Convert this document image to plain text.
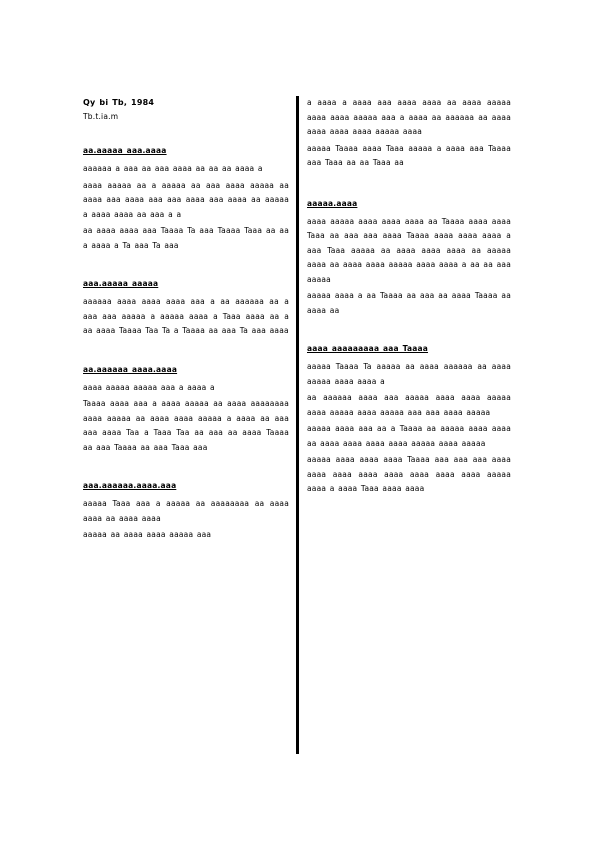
Qy bi Tb, 1984

Tb.t.ia.m

aa.aaaaa aaa.aaaa

aaaaaa a aaa aa aaa aaaa aa aa aa aaaa a

aaaa aaaaa aa a aaaaa aa aaa aaaa aaaaa aa aaaa aaa aaaa aaa aaa aaaa aaa aaaa aa aaaaa a aaaa aaaa aa aaa a a

aa aaaa aaaa aaa Taaaa Ta aaa Taaaa Taaa aa aa a aaaa a Ta aaa Ta aaa

aaa.aaaaa aaaaa

aaaaaa aaaa aaaa aaaa aaa a aa aaaaaa aa a aaa aaa aaaaa a aaaaa aaaa a Taaa aaaa aa a aa aaaa Taaaa Taa Ta a Taaaa aa aaa Ta aaa aaaa

aa.aaaaaa aaaa.aaaa

aaaa aaaaa aaaaa aaa a aaaa a

Taaaa aaaa aaa a aaaa aaaaa aa aaaa aaaaaaaa aaaa aaaaa aa aaaa aaaa aaaaa a aaaa aa aaa aaa aaaa Taa a Taaa Taa aa aaa aa aaaa Taaaa aa aaa Taaaa aa aaa Taaa aaa

aaa.aaaaaa.aaaa.aaa

aaaaa Taaa aaa a aaaaa aa aaaaaaaa aa aaaa aaaa aa aaaa aaaa

aaaaa aa aaaa aaaa aaaaa aaa

a aaaa a aaaa aaa aaaa aaaa aa aaaa aaaaa aaaa aaaa aaaaa aaa a aaaa aa aaaaaa aa aaaa aaaa aaaa aaaa aaaaa aaaa

aaaaa Taaaa aaaa Taaa aaaaa a aaaa aaa Taaaa aaa Taaa aa aa Taaa aa

aaaaa.aaaa

aaaa aaaaa aaaa aaaa aaaa aa Taaaa aaaa aaaa Taaa aa aaa aaa aaaa Taaaa aaaa aaaa aaaa a aaa Taaa aaaaa aa aaaa aaaa aaaa aa aaaaa aaaa aa aaaa aaaa aaaaa aaaa aaaa a aa aa aaa aaaaa

aaaaa aaaa a aa Taaaa aa aaa aa aaaa Taaaa aa aaaa aa

aaaa aaaaaaaaa aaa Taaaa

aaaaa Taaaa Ta aaaaa aa aaaa aaaaaa aa aaaa aaaaa aaaa aaaa a

aa aaaaaa aaaa aaa aaaaa aaaa aaaa aaaaa aaaa aaaaa aaaa aaaaa aaa aaa aaaa aaaaa

aaaaa aaaa aaa aa a Taaaa aa aaaaa aaaa aaaa aa aaaa aaaa aaaa aaaa aaaaa aaaa aaaaa

aaaaa aaaa aaaa aaaa Taaaa aaa aaa aaa aaaa aaaa aaaa aaaa aaaa aaaa aaaa aaaa aaaaa aaaa a aaaa Taaa aaaa aaaa
